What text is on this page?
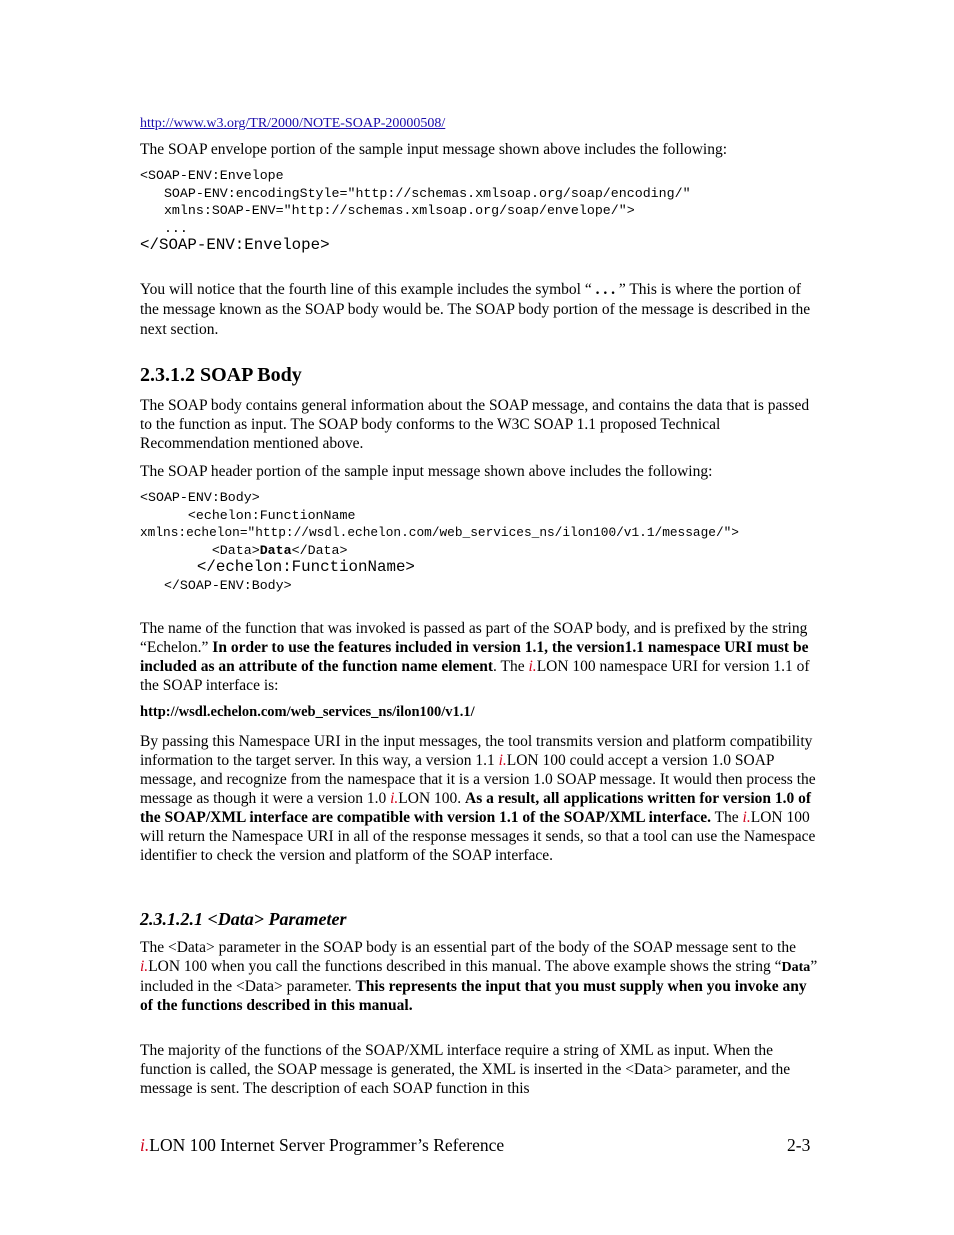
http://www.w3.org/TR/2000/NOTE-SOAP-20000508/

The SOAP envelope portion of the sample input message shown above includes the following:

<SOAP-ENV:Envelope
SOAP-ENV:encodingStyle="http://schemas.xmlsoap.org/soap/encoding/"
xmlns:SOAP-ENV="http://schemas.xmlsoap.org/soap/envelope/">
...
</SOAP-ENV:Envelope>

You will notice that the fourth line of this example includes the symbol “ . . . ” This is where the portion of the message known as the SOAP body would be. The SOAP body portion of the message is described in the next section.

2.3.1.2 SOAP Body

The SOAP body contains general information about the SOAP message, and contains the data that is passed to the function as input. The SOAP body conforms to the W3C SOAP 1.1 proposed Technical Recommendation mentioned above.

The SOAP header portion of the sample input message shown above includes the following:

<SOAP-ENV:Body>
<echelon:FunctionName
xmlns:echelon="http://wsdl.echelon.com/web_services_ns/ilon100/v1.1/message/">
<Data>Data</Data>
</echelon:FunctionName>
</SOAP-ENV:Body>

The name of the function that was invoked is passed as part of the SOAP body, and is prefixed by the string “Echelon.” In order to use the features included in version 1.1, the version1.1 namespace URI must be included as an attribute of the function name element. The i.LON 100 namespace URI for version 1.1 of the SOAP interface is:

http://wsdl.echelon.com/web_services_ns/ilon100/v1.1/

By passing this Namespace URI in the input messages, the tool transmits version and platform compatibility information to the target server. In this way, a version 1.1 i.LON 100 could accept a version 1.0 SOAP message, and recognize from the namespace that it is a version 1.0 SOAP message. It would then process the message as though it were a version 1.0 i.LON 100. As a result, all applications written for version 1.0 of the SOAP/XML interface are compatible with version 1.1 of the SOAP/XML interface. The i.LON 100 will return the Namespace URI in all of the response messages it sends, so that a tool can use the Namespace identifier to check the version and platform of the SOAP interface.

2.3.1.2.1 <Data> Parameter

The <Data> parameter in the SOAP body is an essential part of the body of the SOAP message sent to the i.LON 100 when you call the functions described in this manual. The above example shows the string “Data” included in the <Data> parameter. This represents the input that you must supply when you invoke any of the functions described in this manual.

The majority of the functions of the SOAP/XML interface require a string of XML as input. When the function is called, the SOAP message is generated, the XML is inserted in the <Data> parameter, and the message is sent. The description of each SOAP function in this

i.LON 100 Internet Server Programmer’s Reference	2-3
